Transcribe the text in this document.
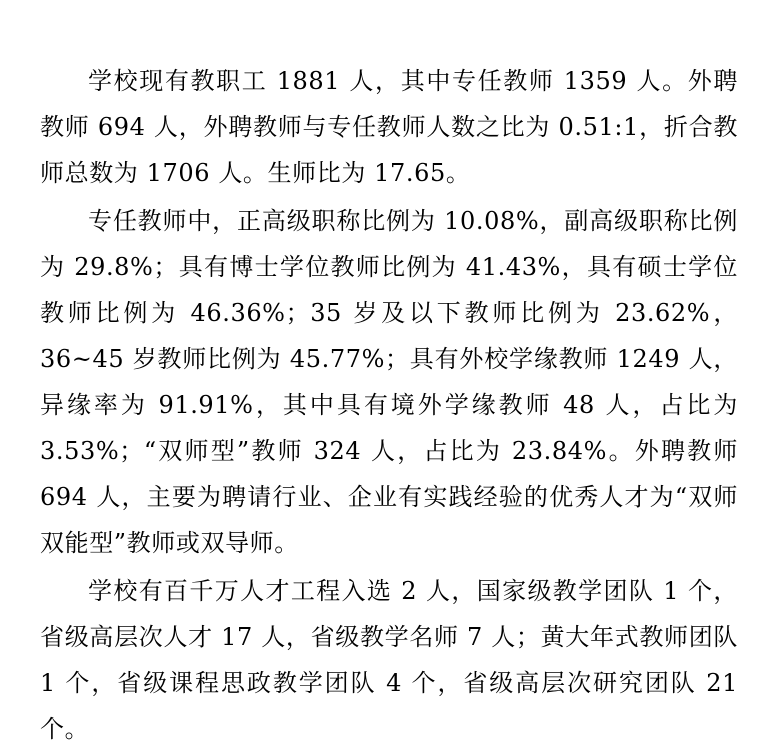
学校现有教职工 1881 人，其中专任教师 1359 人。外聘教师 694 人，外聘教师与专任教师人数之比为 0.51:1，折合教师总数为 1706 人。生师比为 17.65。

专任教师中，正高级职称比例为 10.08%，副高级职称比例为 29.8%；具有博士学位教师比例为 41.43%，具有硕士学位教师比例为 46.36%；35 岁及以下教师比例为 23.62%，36~45 岁教师比例为 45.77%；具有外校学缘教师 1249 人，异缘率为 91.91%，其中具有境外学缘教师 48 人，占比为 3.53%；“双师型”教师 324 人，占比为 23.84%。外聘教师 694 人，主要为聘请行业、企业有实践经验的优秀人才为“双师双能型”教师或双导师。

学校有百千万人才工程入选 2 人，国家级教学团队 1 个，省级高层次人才 17 人，省级教学名师 7 人；黄大年式教师团队 1 个，省级课程思政教学团队 4 个，省级高层次研究团队 21 个。
